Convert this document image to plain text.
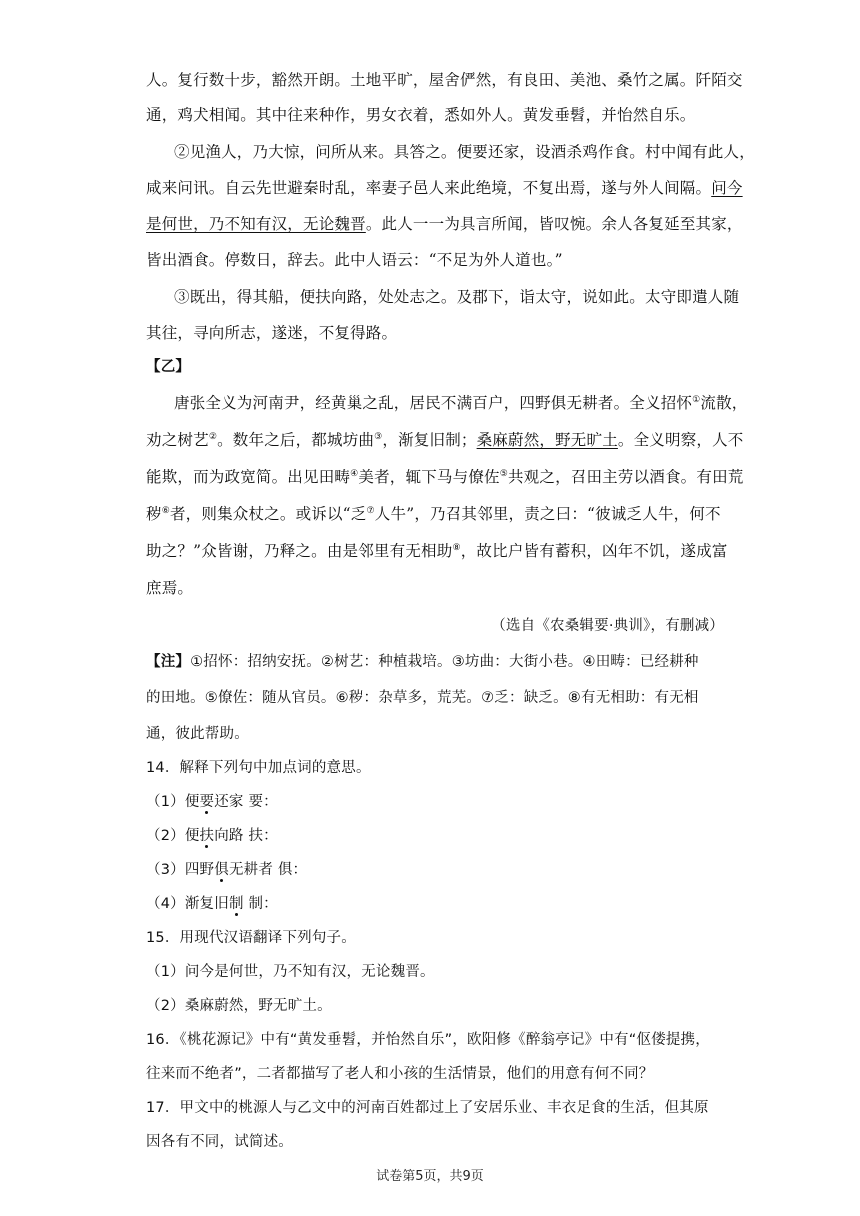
人。复行数十步，豁然开朗。土地平旷，屋舍俨然，有良田、美池、桑竹之属。阡陌交
通，鸡犬相闻。其中往来种作，男女衣着，悉如外人。黄发垂髫，并怡然自乐。
②见渔人，乃大惊，问所从来。具答之。便要还家，设酒杀鸡作食。村中闻有此人，
咸来问讯。自云先世避秦时乱，率妻子邑人来此绝境，不复出焉，遂与外人间隔。问今
是何世，乃不知有汉，无论魏晋。此人一一为具言所闻，皆叹惋。余人各复延至其家，
皆出酒食。停数日，辞去。此中人语云：“不足为外人道也。”
③既出，得其船，便扶向路，处处志之。及郡下，诣太守，说如此。太守即遣人随
其往，寻向所志，遂迷，不复得路。
【乙】
唐张全义为河南尹，经黄巢之乱，居民不满百户，四野俱无耕者。全义招怀①流散，
劝之树艺②。数年之后，都城坊曲③，渐复旧制；桑麻蔚然，野无旷土。全义明察，人不
能欺，而为政宽简。出见田畴④美者，辄下马与僚佐⑤共观之，召田主劳以酒食。有田荒
秽⑥者，则集众杖之。或诉以“乏⑦人牛”，乃召其邻里，责之曰：“彼诚乏人牛，何不
助之？”众皆谢，乃释之。由是邻里有无相助⑧，故比户皆有蓄积，凶年不饥，遂成富
庶焉。
（选自《农桑辑要·典训》，有删减）
【注】①招怀：招纳安抚。②树艺：种植栽培。③坊曲：大街小巷。④田畴：已经耕种
的田地。⑤僚佐：随从官员。⑥秽：杂草多，荒芜。⑦乏：缺乏。⑧有无相助：有无相
通，彼此帮助。
14．解释下列句中加点词的意思。
（1）便要还家 要：
（2）便扶向路 扶：
（3）四野俱无耕者 俱：
（4）渐复旧制 制：
15．用现代汉语翻译下列句子。
（1）问今是何世，乃不知有汉，无论魏晋。
（2）桑麻蔚然，野无旷土。
16．《桃花源记》中有“黄发垂髫，并怡然自乐”，欧阳修《醉翁亭记》中有“伛偻提携，
往来而不绝者”，二者都描写了老人和小孩的生活情景，他们的用意有何不同？
17．甲文中的桃源人与乙文中的河南百姓都过上了安居乐业、丰衣足食的生活，但其原
因各有不同，试简述。
试卷第5页，共9页
